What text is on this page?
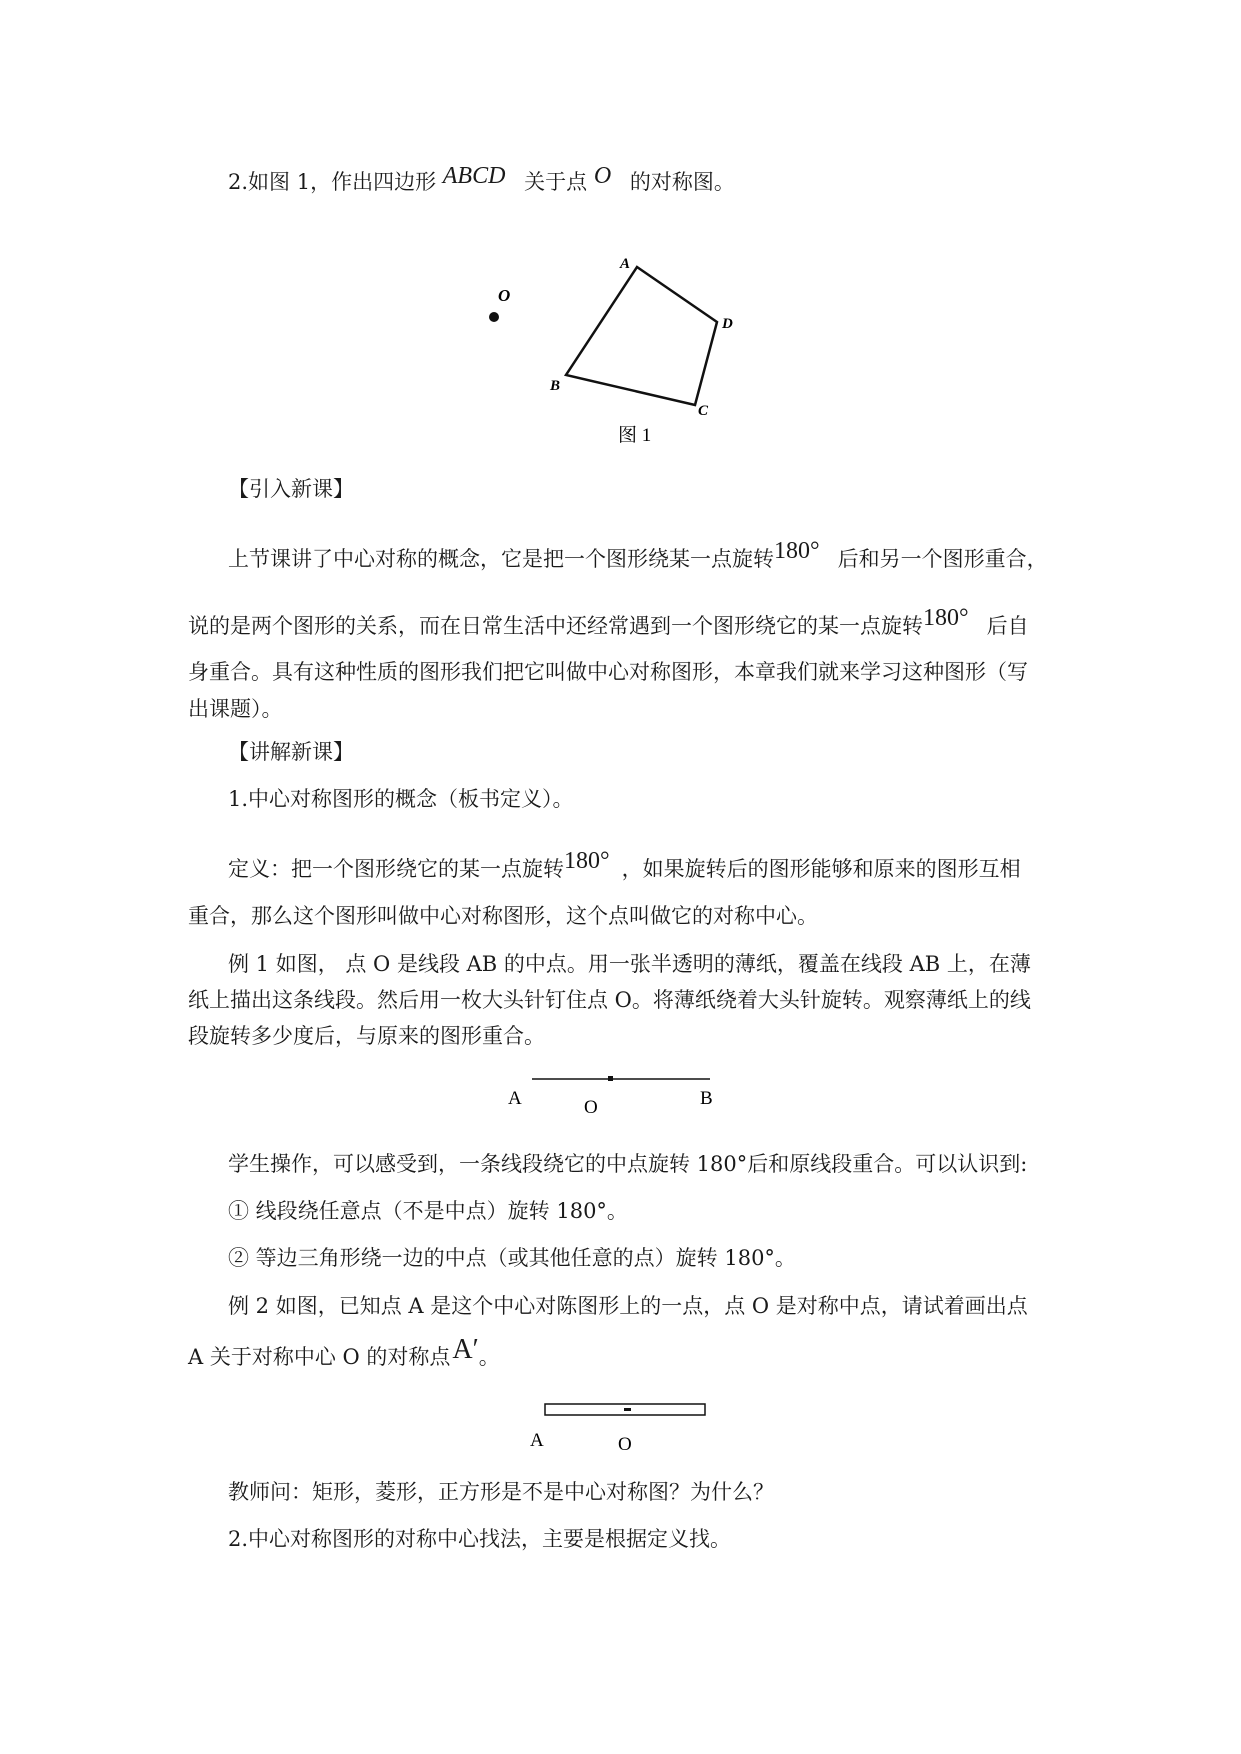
2.如图 1，作出四边形 ABCD 关于点 O 的对称图。
O
A
D
B
C
图 1
【引入新课】
上节课讲了中心对称的概念，它是把一个图形绕某一点旋转180° 后和另一个图形重合，
说的是两个图形的关系，而在日常生活中还经常遇到一个图形绕它的某一点旋转180° 后自
身重合。具有这种性质的图形我们把它叫做中心对称图形，本章我们就来学习这种图形（写
出课题）。
【讲解新课】
1.中心对称图形的概念（板书定义）。
定义：把一个图形绕它的某一点旋转180° ，如果旋转后的图形能够和原来的图形互相
重合，那么这个图形叫做中心对称图形，这个点叫做它的对称中心。
例 1 如图， 点 O 是线段 AB 的中点。用一张半透明的薄纸，覆盖在线段 AB 上，在薄
纸上描出这条线段。然后用一枚大头针钉住点 O。将薄纸绕着大头针旋转。观察薄纸上的线
段旋转多少度后，与原来的图形重合。
A	O	B
学生操作，可以感受到，一条线段绕它的中点旋转 180°后和原线段重合。可以认识到:
① 线段绕任意点（不是中点）旋转 180°。
② 等边三角形绕一边的中点（或其他任意的点）旋转 180°。
例 2 如图，已知点 A 是这个中心对陈图形上的一点，点 O 是对称中点，请试着画出点
A 关于对称中心 O 的对称点A′。
A	O
教师问：矩形，菱形，正方形是不是中心对称图？为什么？
2.中心对称图形的对称中心找法，主要是根据定义找。
